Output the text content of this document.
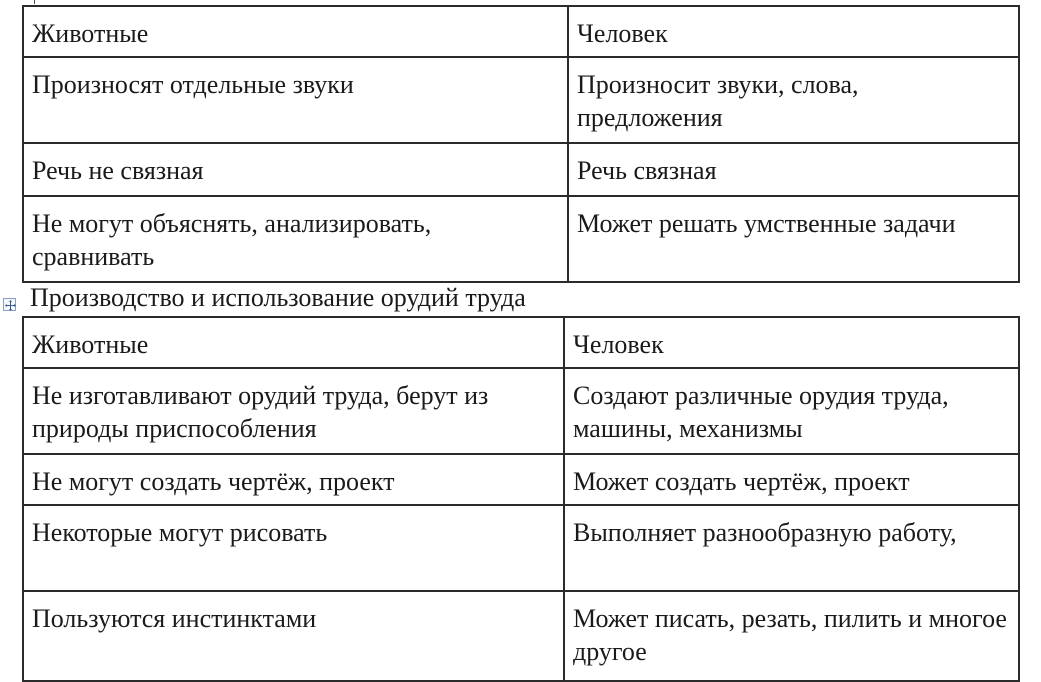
Животные	Человек
Произносят отдельные звуки	Произносит звуки, слова, предложения
Речь не связная	Речь связная
Не могут объяснять, анализировать, сравнивать	Может решать умственные задачи
Производство и использование орудий труда
Животные	Человек
Не изготавливают орудий труда, берут из природы приспособления	Создают различные орудия труда, машины, механизмы
Не могут создать чертёж, проект	Может создать чертёж, проект
Некоторые могут рисовать	Выполняет разнообразную работу,
Пользуются инстинктами	Может писать, резать, пилить и многое другое
